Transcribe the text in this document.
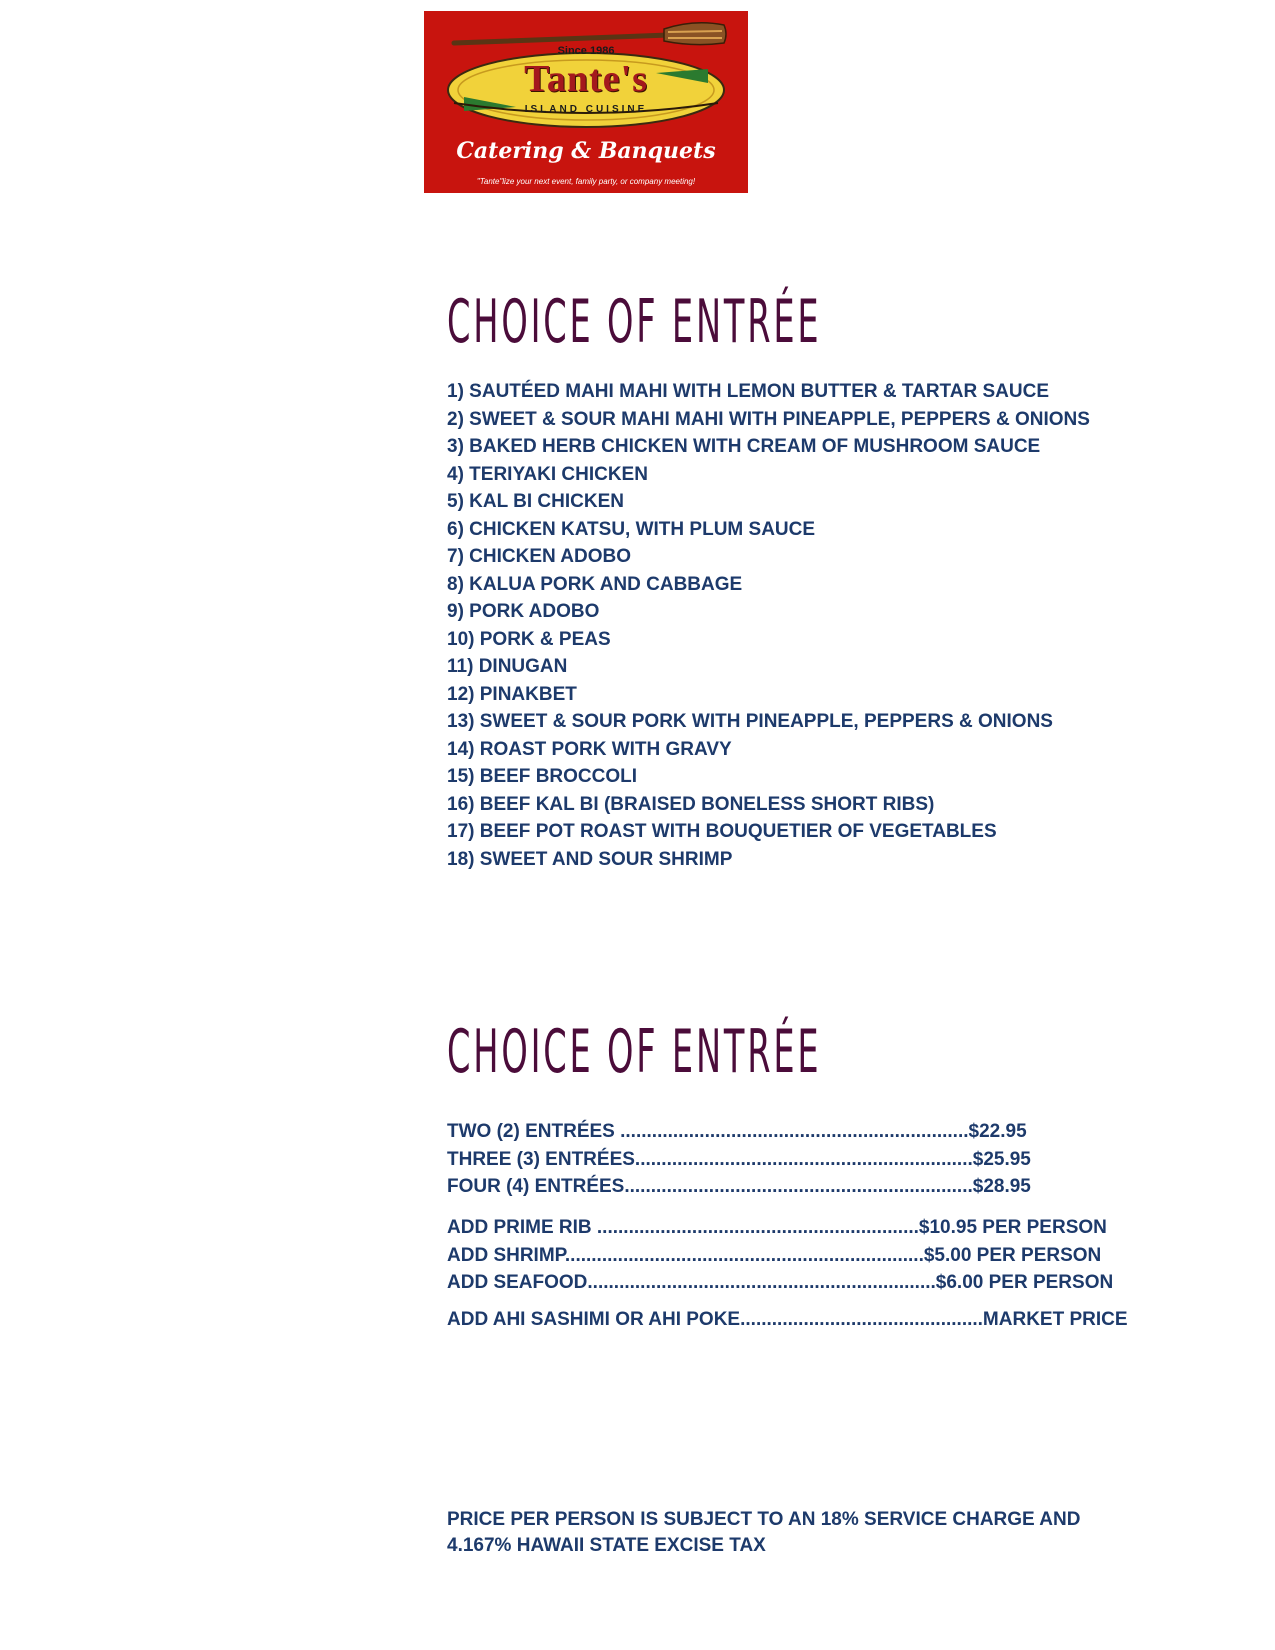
Since 1986
Tante's
ISLAND CUISINE
Catering & Banquets
"Tante"lize your next event, family party, or company meeting!
CHOICE OF ENTRÉE
1) SAUTÉED MAHI MAHI WITH LEMON BUTTER & TARTAR SAUCE
2) SWEET & SOUR MAHI MAHI WITH PINEAPPLE, PEPPERS & ONIONS
3) BAKED HERB CHICKEN WITH CREAM OF MUSHROOM SAUCE
4) TERIYAKI CHICKEN
5) KAL BI CHICKEN
6) CHICKEN KATSU, WITH PLUM SAUCE
7) CHICKEN ADOBO
8) KALUA PORK AND CABBAGE
9) PORK ADOBO
10) PORK & PEAS
11) DINUGAN
12) PINAKBET
13) SWEET & SOUR PORK WITH PINEAPPLE, PEPPERS & ONIONS
14) ROAST PORK WITH GRAVY
15) BEEF BROCCOLI
16) BEEF KAL BI (BRAISED BONELESS SHORT RIBS)
17) BEEF POT ROAST WITH BOUQUETIER OF VEGETABLES
18) SWEET AND SOUR SHRIMP
CHOICE OF ENTRÉE
TWO (2) ENTRÉES ..................................................................$22.95
THREE (3) ENTRÉES................................................................$25.95
FOUR (4) ENTRÉES..................................................................$28.95
ADD PRIME RIB .............................................................$10.95 PER PERSON
ADD SHRIMP....................................................................$5.00 PER PERSON
ADD SEAFOOD..................................................................$6.00 PER PERSON
ADD AHI SASHIMI OR AHI POKE..............................................MARKET PRICE

PRICE PER PERSON IS SUBJECT TO AN 18% SERVICE CHARGE AND 4.167% HAWAII STATE EXCISE TAX
